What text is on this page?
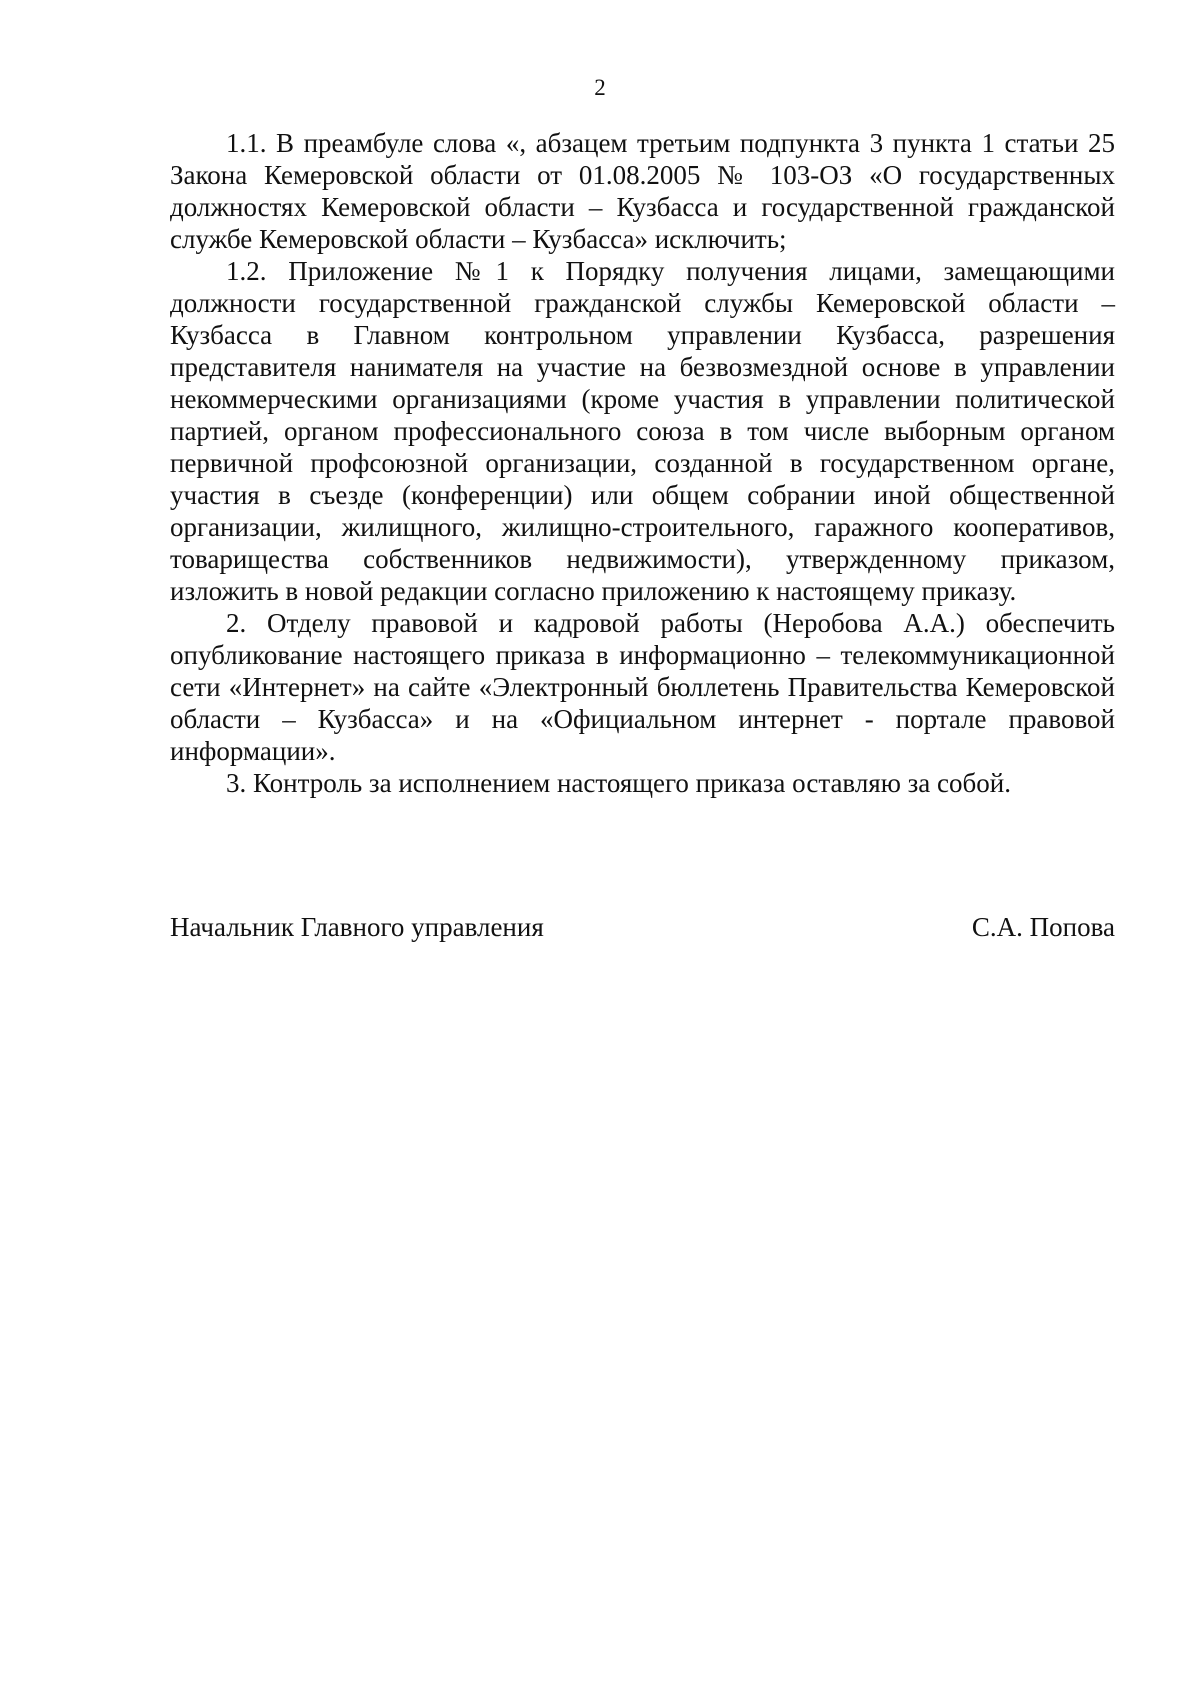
2

1.1. В преамбуле слова «, абзацем третьим подпункта 3 пункта 1 статьи 25 Закона Кемеровской области от 01.08.2005 № 103-ОЗ «О государственных должностях Кемеровской области – Кузбасса и государственной гражданской службе Кемеровской области – Кузбасса» исключить;

1.2. Приложение №1 к Порядку получения лицами, замещающими должности государственной гражданской службы Кемеровской области – Кузбасса в Главном контрольном управлении Кузбасса, разрешения представителя нанимателя на участие на безвозмездной основе в управлении некоммерческими организациями (кроме участия в управлении политической партией, органом профессионального союза в том числе выборным органом первичной профсоюзной организации, созданной в государственном органе, участия в съезде (конференции) или общем собрании иной общественной организации, жилищного, жилищно-строительного, гаражного кооперативов, товарищества собственников недвижимости), утвержденному приказом, изложить в новой редакции согласно приложению к настоящему приказу.

2. Отделу правовой и кадровой работы (Неробова А.А.) обеспечить опубликование настоящего приказа в информационно – телекоммуникационной сети «Интернет» на сайте «Электронный бюллетень Правительства Кемеровской области – Кузбасса» и на «Официальном интернет - портале правовой информации».

3. Контроль за исполнением настоящего приказа оставляю за собой.

Начальник Главного управления	С.А. Попова
